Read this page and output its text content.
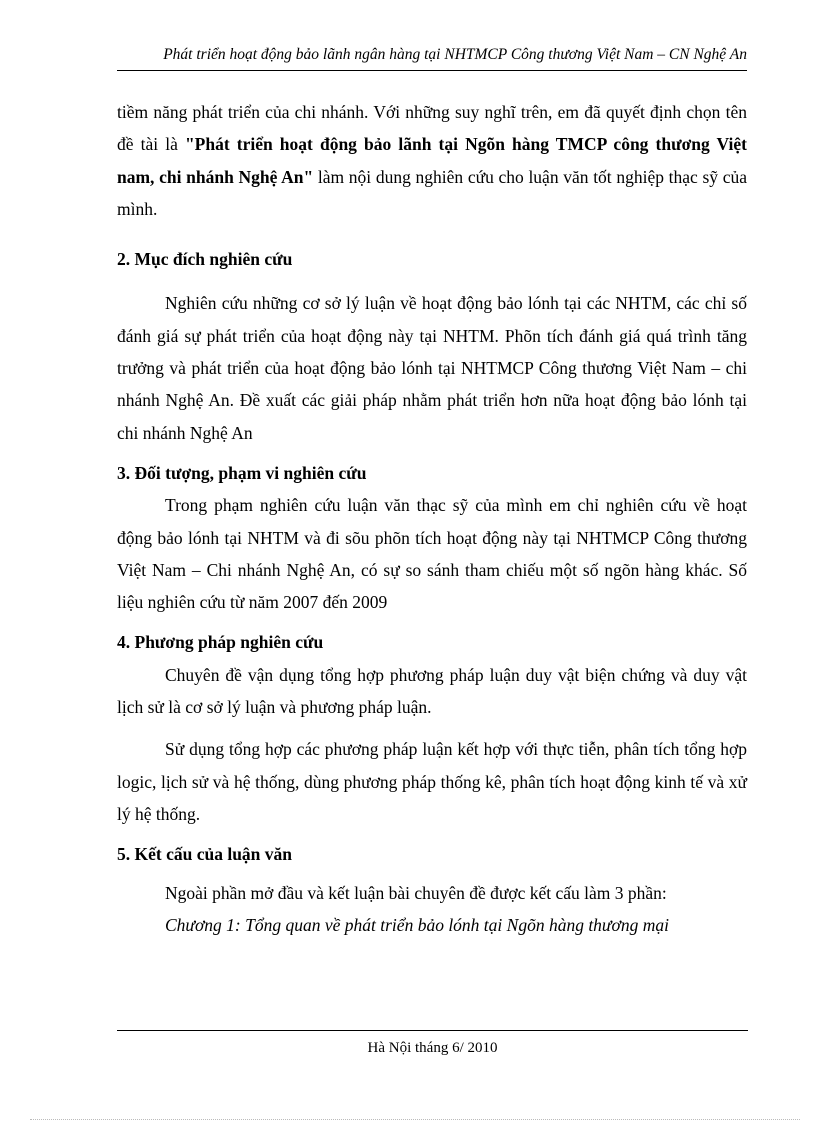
Phát triển hoạt động bảo lãnh ngân hàng tại NHTMCP Công thương Việt Nam – CN Nghệ An

tiềm năng phát triển của chi nhánh. Với những suy nghĩ trên, em đã quyết định chọn tên đề tài là "Phát triển hoạt động bảo lãnh tại Ngõn hàng TMCP công thương Việt nam, chi nhánh Nghệ An" làm nội dung nghiên cứu cho luận văn tốt nghiệp thạc sỹ của mình.

2. Mục đích nghiên cứu

Nghiên cứu những cơ sở lý luận về hoạt động bảo lónh tại các NHTM, các chỉ số đánh giá sự phát triển của hoạt động này tại NHTM. Phõn tích đánh giá quá trình tăng trưởng và phát triển của hoạt động bảo lónh tại NHTMCP Công thương Việt Nam – chi nhánh Nghệ An. Đề xuất các giải pháp nhằm phát triển hơn nữa hoạt động bảo lónh tại chi nhánh Nghệ An

3. Đối tượng, phạm vi nghiên cứu

Trong phạm nghiên cứu luận văn thạc sỹ của mình em chỉ nghiên cứu về hoạt động bảo lónh tại NHTM và đi sõu phõn tích hoạt động này tại NHTMCP Công thương Việt Nam – Chi nhánh Nghệ An, có sự so sánh tham chiếu một số ngõn hàng khác. Số liệu nghiên cứu từ năm 2007 đến 2009

4. Phương pháp nghiên cứu

Chuyên đề vận dụng tổng hợp phương pháp luận duy vật biện chứng và duy vật lịch sử là cơ sở lý luận và phương pháp luận.

Sử dụng tổng hợp các phương pháp luận kết hợp với thực tiễn, phân tích tổng hợp logic, lịch sử và hệ thống, dùng phương pháp thống kê, phân tích hoạt động kinh tế và xử lý hệ thống.

5. Kết cấu của luận văn

Ngoài phần mở đầu và kết luận bài chuyên đề được kết cấu làm 3 phần:

Chương 1: Tổng quan về phát triển bảo lónh tại Ngõn hàng thương mại

Hà Nội tháng 6/ 2010
